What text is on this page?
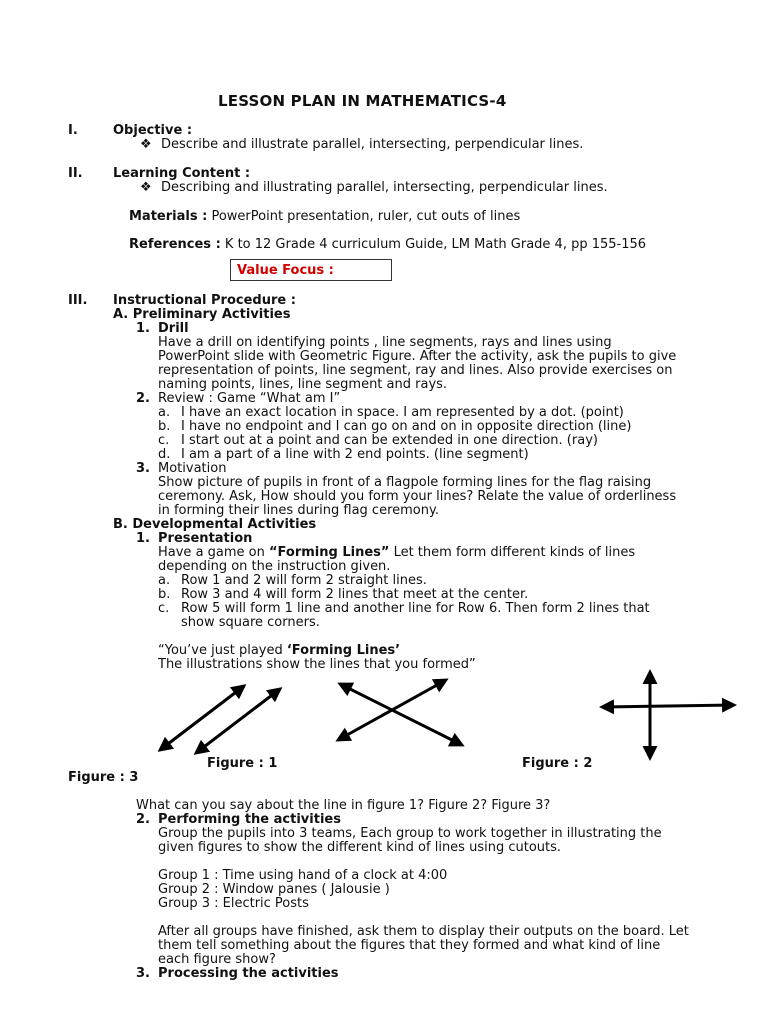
LESSON PLAN IN MATHEMATICS-4
I.	Objective :
❖ Describe and illustrate parallel, intersecting, perpendicular lines.
II. Learning Content :
❖ Describing and illustrating parallel, intersecting, perpendicular lines.
Materials : PowerPoint presentation, ruler, cut outs of lines
References : K to 12 Grade 4 curriculum Guide, LM Math Grade 4, pp 155-156
Value Focus :
III. Instructional Procedure :
A. Preliminary Activities
1. Drill
Have a drill on identifying points , line segments, rays and lines using
PowerPoint slide with Geometric Figure. After the activity, ask the pupils to give
representation of points, line segment, ray and lines. Also provide exercises on
naming points, lines, line segment and rays.
2. Review : Game “What am I”
a. I have an exact location in space. I am represented by a dot. (point)
b. I have no endpoint and I can go on and on in opposite direction (line)
c. I start out at a point and can be extended in one direction. (ray)
d. I am a part of a line with 2 end points. (line segment)
3. Motivation
Show picture of pupils in front of a flagpole forming lines for the flag raising
ceremony. Ask, How should you form your lines? Relate the value of orderliness
in forming their lines during flag ceremony.
B. Developmental Activities
1. Presentation
Have a game on “Forming Lines” Let them form different kinds of lines
depending on the instruction given.
a. Row 1 and 2 will form 2 straight lines.
b. Row 3 and 4 will form 2 lines that meet at the center.
c. Row 5 will form 1 line and another line for Row 6. Then form 2 lines that
show square corners.
“You’ve just played ‘Forming Lines’
The illustrations show the lines that you formed”
Figure : 1	Figure : 2
Figure : 3
What can you say about the line in figure 1? Figure 2? Figure 3?
2. Performing the activities
Group the pupils into 3 teams, Each group to work together in illustrating the
given figures to show the different kind of lines using cutouts.
Group 1 : Time using hand of a clock at 4:00
Group 2 : Window panes ( Jalousie )
Group 3 : Electric Posts
After all groups have finished, ask them to display their outputs on the board. Let
them tell something about the figures that they formed and what kind of line
each figure show?
3. Processing the activities
